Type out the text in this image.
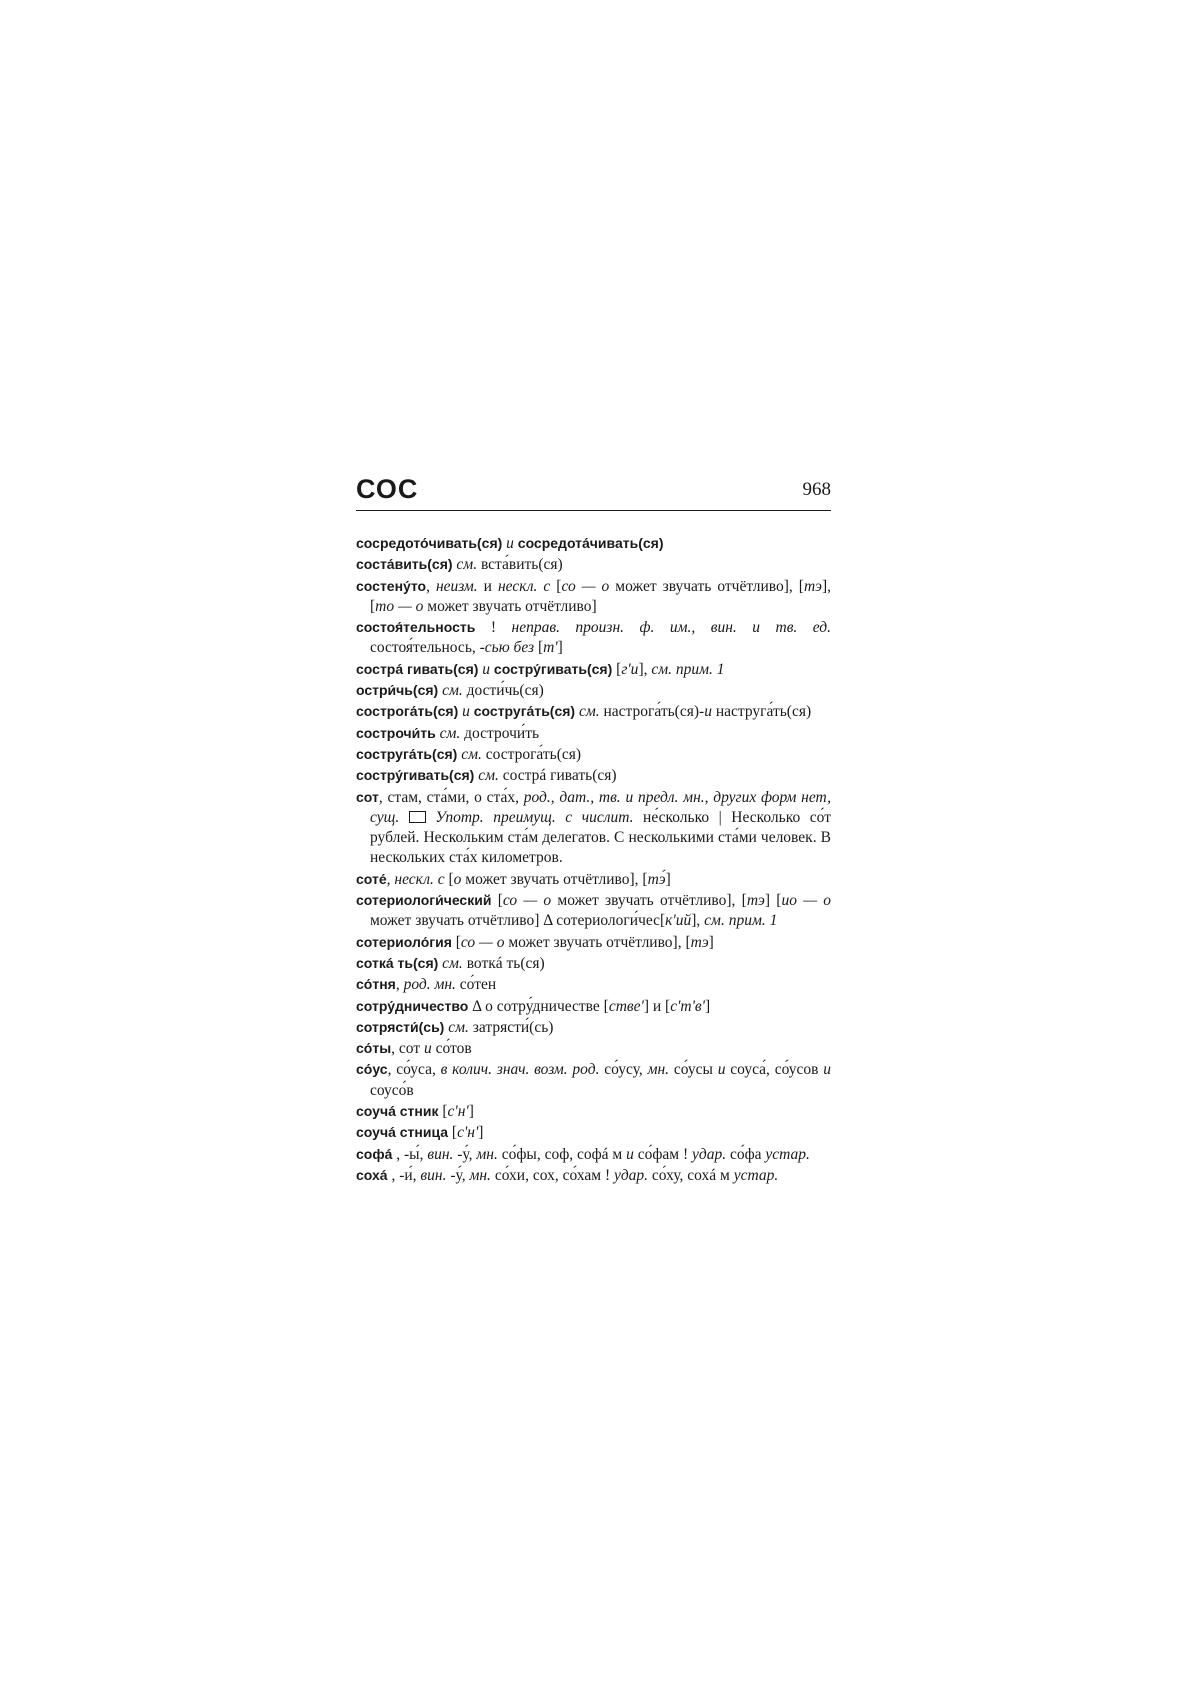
СОС	968

сосредото́чивать(ся) и сосредота́чивать(ся)

соста́вить(ся) см. вста́вить(ся)

состену́то, неизм. и нескл. с [со — о может звучать отчётливо], [тэ], [то — о может звучать отчётливо]

состоя́тельность ! неправ. произн. ф. им., вин. и тв. ед. состоя́тельнось, -сью без [т']

сострá гивать(ся) и состру́гивать(ся) [г'и], см. прим. 1

остри́чь(ся) см. дости́чь(ся)

сострога́ть(ся) и соструга́ть(ся) см. настрога́ть(ся)-и наструга́ть(ся)

сострочи́ть см. дострочи́ть

соструга́ть(ся) см. сострога́ть(ся)

состру́гивать(ся) см. сострá гивать(ся)

сот, стам, ста́ми, о ста́х, род., дат., тв. и предл. мн., других форм нет, сущ. Употр. преимущ. с числит. не́сколько | Несколько со́т рублей. Нескольким ста́м делегатов. С несколькими ста́ми человек. В нескольких ста́х километров.

соте́, нескл. с [о может звучать отчётливо], [тэ́]

сотериологи́ческий [со — о может звучать отчётливо], [тэ] [ио — о может звучать отчётливо] Δ сотериологи́чес[к'ий], см. прим. 1

сотериоло́гия [со — о может звучать отчётливо], [тэ]

соткá ть(ся) см. воткá ть(ся)

со́тня, род. мн. со́тен

сотру́дничество Δ о сотру́дничестве [стве'] и [с'т'в']

сотрясти́(сь) см. затрясти́(сь)

со́ты, сот и со́тов

со́ус, со́уса, в колич. знач. возм. род. со́усу, мн. со́усы и соуса́, со́усов и соусо́в

соучá стник [с'н']

соучá стница [с'н']

софá , -ы́, вин. -у́, мн. со́фы, соф, софá м и со́фам ! удар. со́фа устар.

сохá , -и́, вин. -у́, мн. со́хи, сох, со́хам ! удар. со́ху, сохá м устар.
